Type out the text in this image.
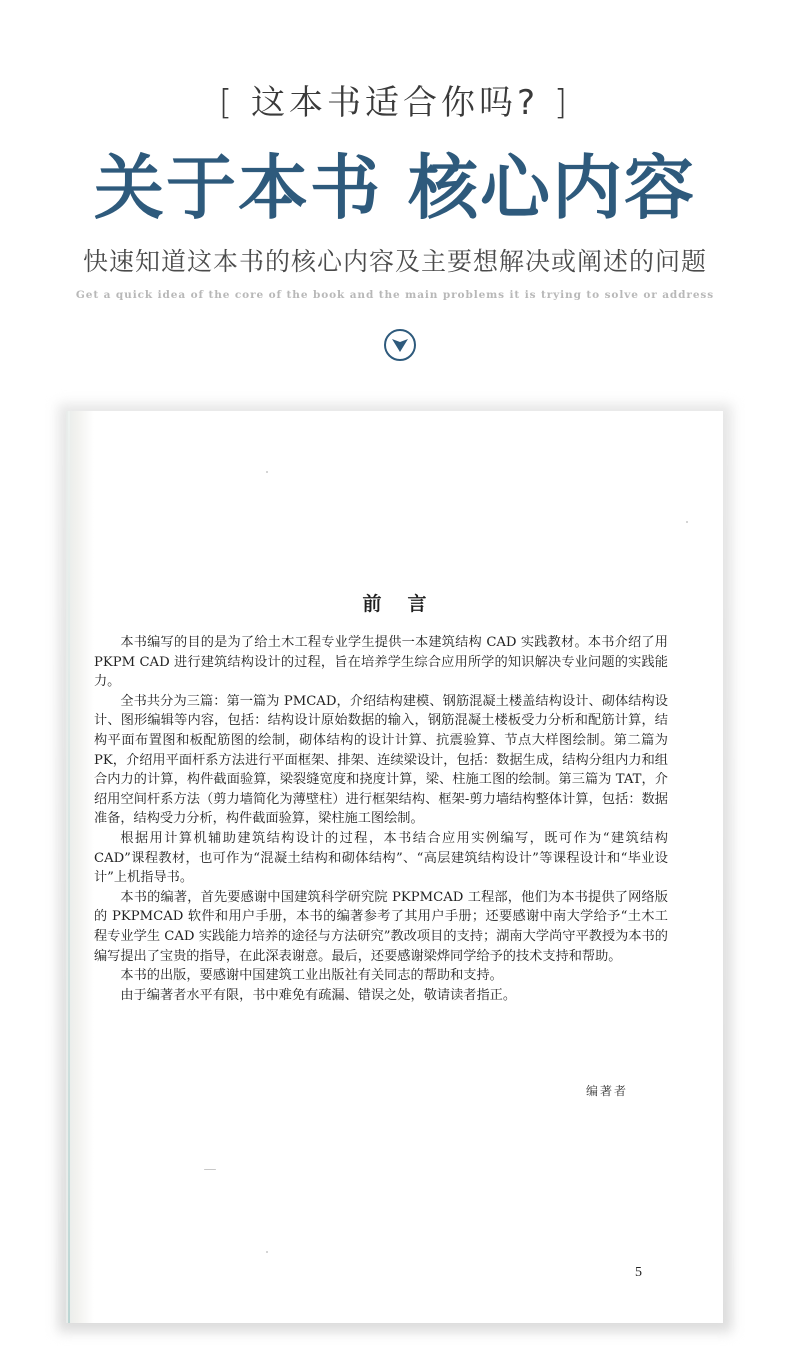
[ 这本书适合你吗? ]
关于本书 核心内容
快速知道这本书的核心内容及主要想解决或阐述的问题
Get a quick idea of the core of the book and the main problems it is trying to solve or address
前言

本书编写的目的是为了给土木工程专业学生提供一本建筑结构 CAD 实践教材。本书介绍了用 PKPM CAD 进行建筑结构设计的过程，旨在培养学生综合应用所学的知识解决专业问题的实践能力。

全书共分为三篇：第一篇为 PMCAD，介绍结构建模、钢筋混凝土楼盖结构设计、砌体结构设计、图形编辑等内容，包括：结构设计原始数据的输入，钢筋混凝土楼板受力分析和配筋计算，结构平面布置图和板配筋图的绘制，砌体结构的设计计算、抗震验算、节点大样图绘制。第二篇为 PK，介绍用平面杆系方法进行平面框架、排架、连续梁设计，包括：数据生成，结构分组内力和组合内力的计算，构件截面验算，梁裂缝宽度和挠度计算，梁、柱施工图的绘制。第三篇为 TAT，介绍用空间杆系方法（剪力墙简化为薄壁柱）进行框架结构、框架-剪力墙结构整体计算，包括：数据准备，结构受力分析，构件截面验算，梁柱施工图绘制。

根据用计算机辅助建筑结构设计的过程，本书结合应用实例编写，既可作为“建筑结构 CAD”课程教材，也可作为“混凝土结构和砌体结构”、“高层建筑结构设计”等课程设计和“毕业设计”上机指导书。

本书的编著，首先要感谢中国建筑科学研究院 PKPMCAD 工程部，他们为本书提供了网络版的 PKPMCAD 软件和用户手册，本书的编著参考了其用户手册；还要感谢中南大学给予“土木工程专业学生 CAD 实践能力培养的途径与方法研究”教改项目的支持；湖南大学尚守平教授为本书的编写提出了宝贵的指导，在此深表谢意。最后，还要感谢梁烨同学给予的技术支持和帮助。

本书的出版，要感谢中国建筑工业出版社有关同志的帮助和支持。

由于编著者水平有限，书中难免有疏漏、错误之处，敬请读者指正。

编著者
5
